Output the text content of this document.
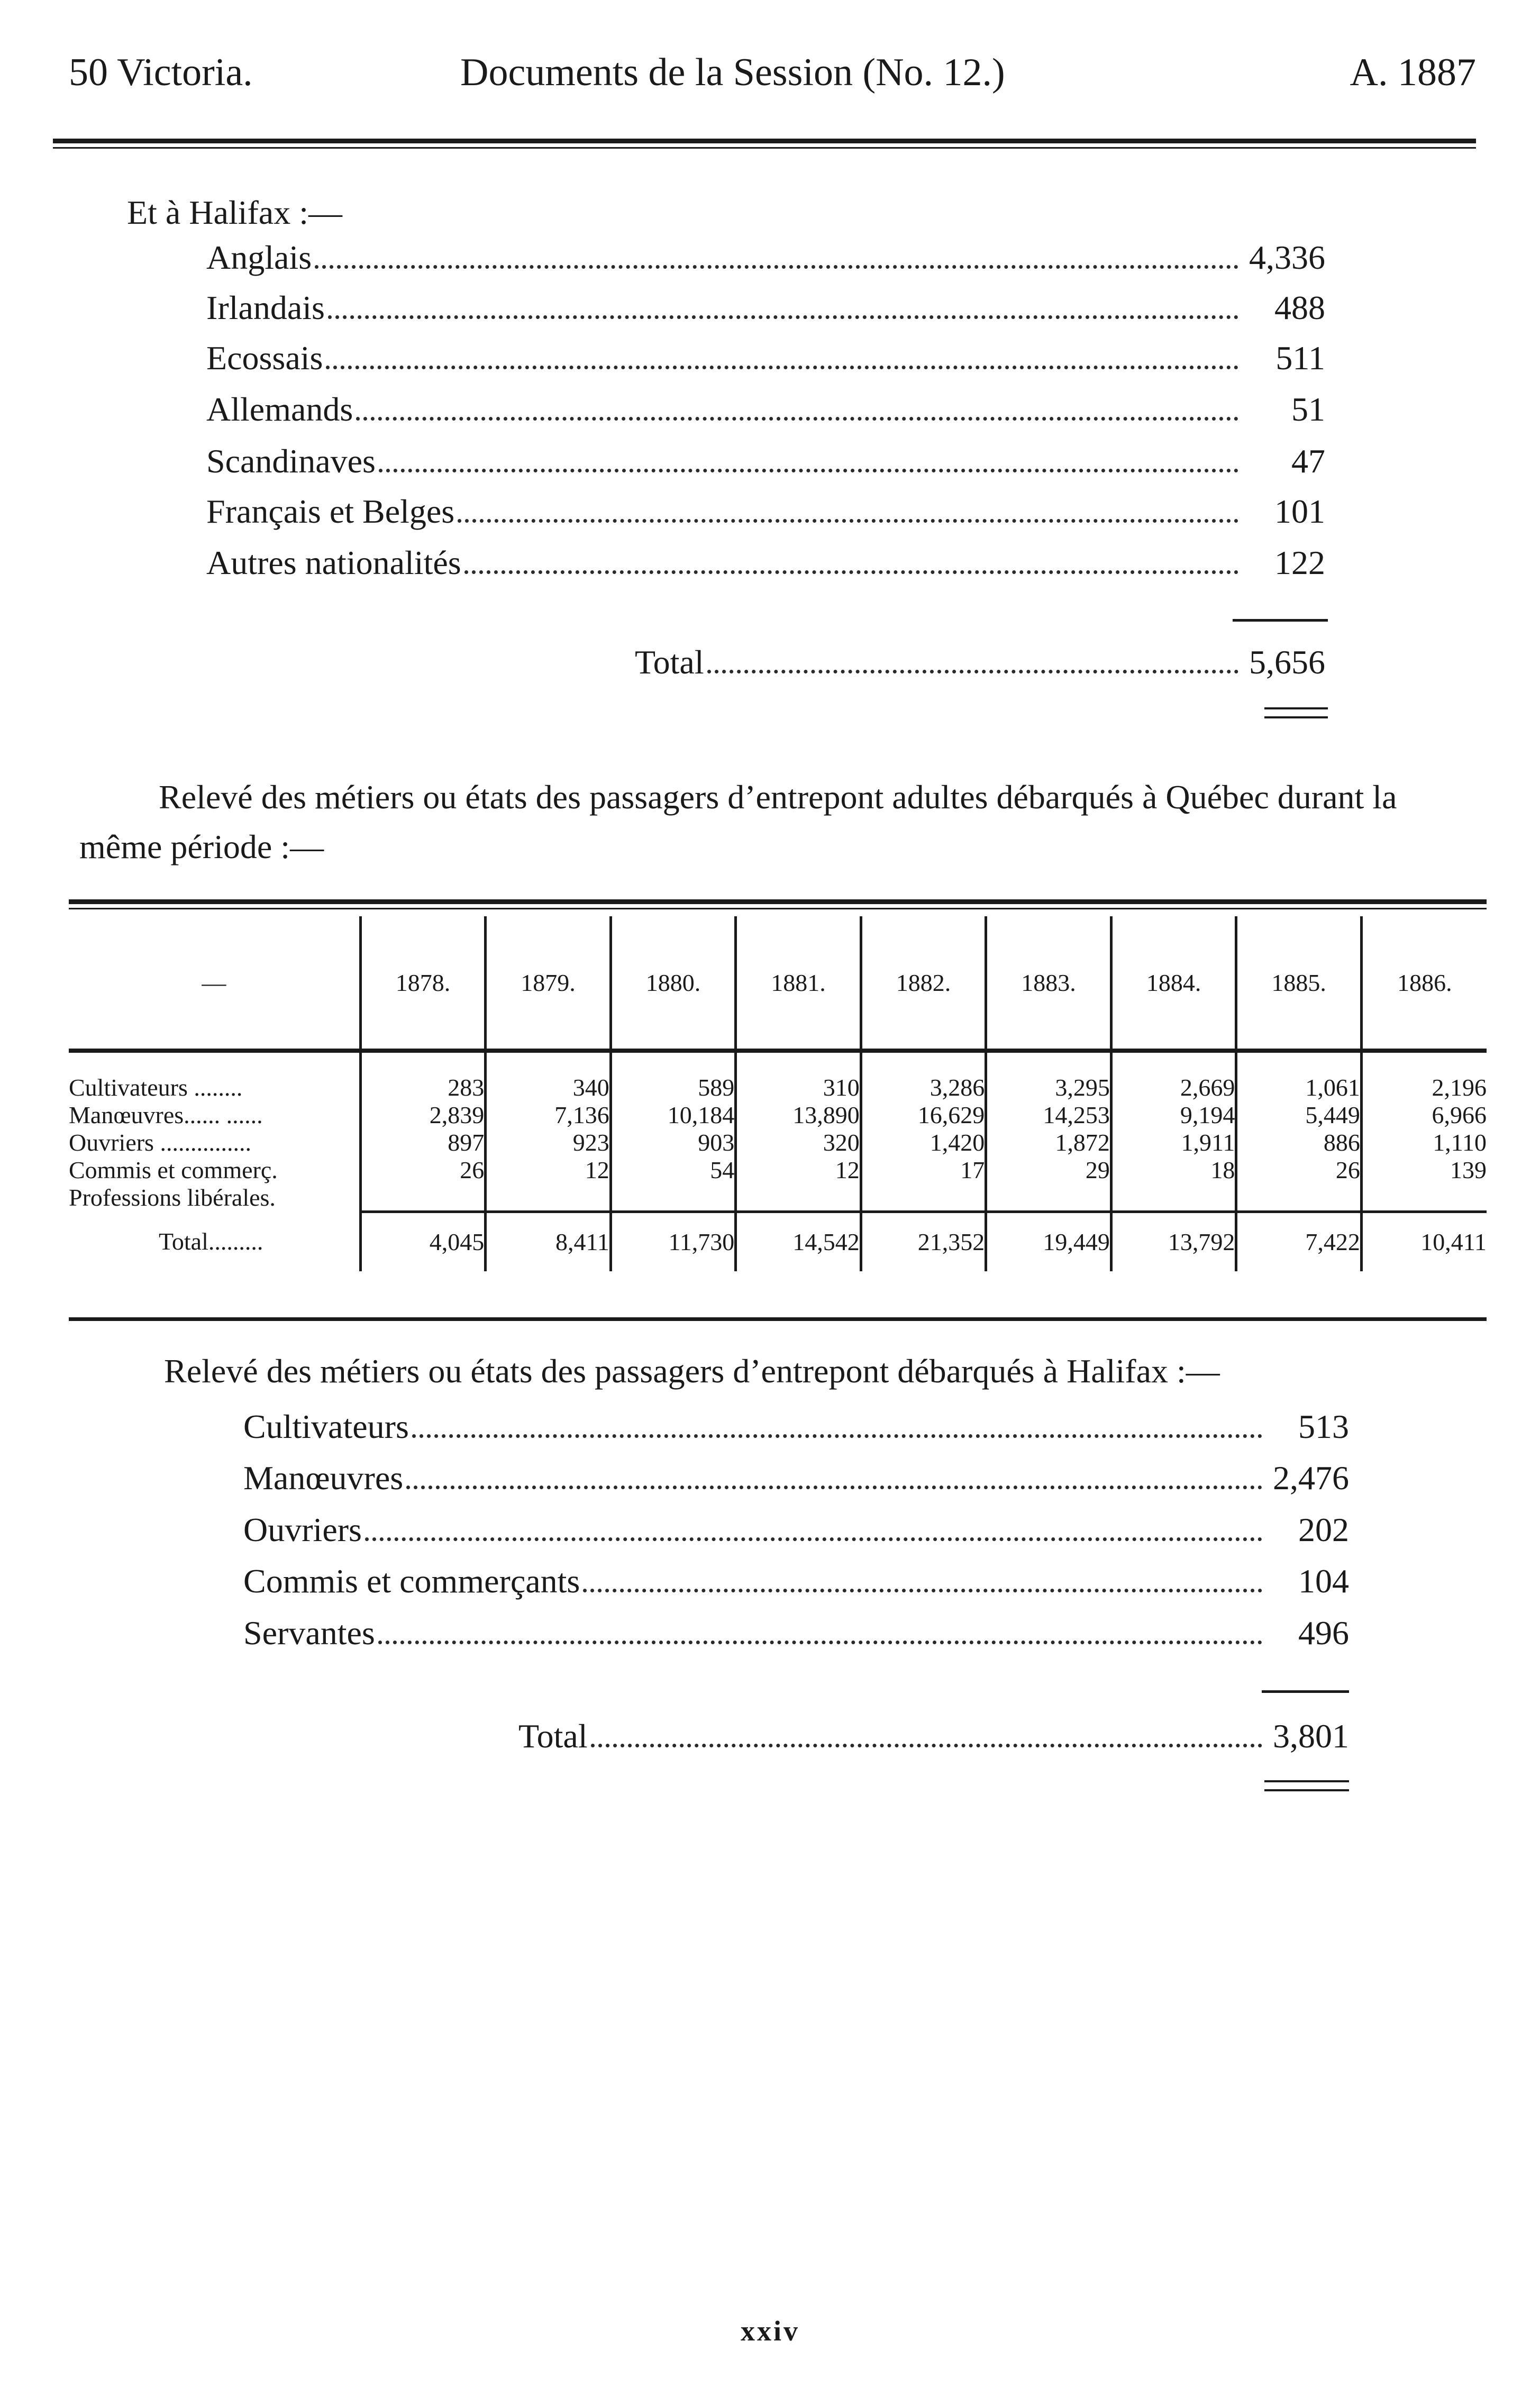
50 Victoria.	Documents de la Session (No. 12.)	A. 1887
Et à Halifax :—
Anglais	4,336
Irlandais	488
Ecossais	511
Allemands	51
Scandinaves	47
Français et Belges	101
Autres nationalités	122
Total	5,656
Relevé des métiers ou états des passagers d’entrepont adultes débarqués à Québec durant la même période :—
—	1878.	1879.	1880.	1881.	1882.	1883.	1884.	1885.	1886.
Cultivateurs ........	283	340	589	310	3,286	3,295	2,669	1,061	2,196
Manœuvres...... ......	2,839	7,136	10,184	13,890	16,629	14,253	9,194	5,449	6,966
Ouvriers ...............	897	923	903	320	1,420	1,872	1,911	886	1,110
Commis et commerç.	26	12	54	12	17	29	18	26	139
Professions libérales.									
Total.........	4,045	8,411	11,730	14,542	21,352	19,449	13,792	7,422	10,411
Relevé des métiers ou états des passagers d’entrepont débarqués à Halifax :—
Cultivateurs	513
Manœuvres	2,476
Ouvriers	202
Commis et commerçants	104
Servantes	496
Total	3,801
xxiv
